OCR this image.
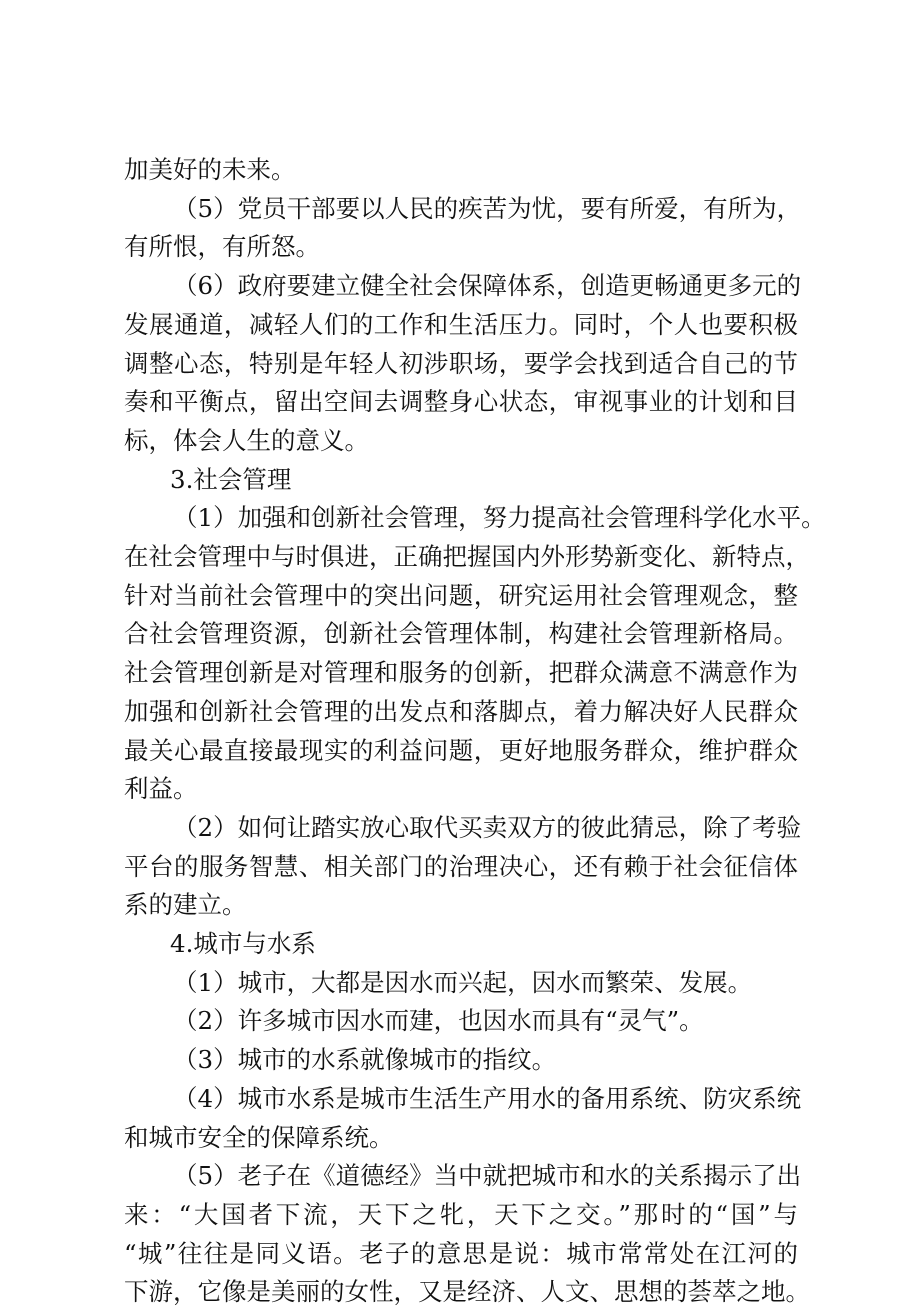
加美好的未来。
（5）党员干部要以人民的疾苦为忧，要有所爱，有所为，
有所恨，有所怒。
（6）政府要建立健全社会保障体系，创造更畅通更多元的
发展通道，减轻人们的工作和生活压力。同时，个人也要积极
调整心态，特别是年轻人初涉职场，要学会找到适合自己的节
奏和平衡点，留出空间去调整身心状态，审视事业的计划和目
标，体会人生的意义。
3.社会管理
（1）加强和创新社会管理，努力提高社会管理科学化水平。
在社会管理中与时俱进，正确把握国内外形势新变化、新特点，
针对当前社会管理中的突出问题，研究运用社会管理观念，整
合社会管理资源，创新社会管理体制，构建社会管理新格局。
社会管理创新是对管理和服务的创新，把群众满意不满意作为
加强和创新社会管理的出发点和落脚点，着力解决好人民群众
最关心最直接最现实的利益问题，更好地服务群众，维护群众
利益。
（2）如何让踏实放心取代买卖双方的彼此猜忌，除了考验
平台的服务智慧、相关部门的治理决心，还有赖于社会征信体
系的建立。
4.城市与水系
（1）城市，大都是因水而兴起，因水而繁荣、发展。
（2）许多城市因水而建，也因水而具有“灵气”。
（3）城市的水系就像城市的指纹。
（4）城市水系是城市生活生产用水的备用系统、防灾系统
和城市安全的保障系统。
（5）老子在《道德经》当中就把城市和水的关系揭示了出
来：“大国者下流，天下之牝，天下之交。”那时的“国”与
“城”往往是同义语。老子的意思是说：城市常常处在江河的
下游，它像是美丽的女性，又是经济、人文、思想的荟萃之地。
